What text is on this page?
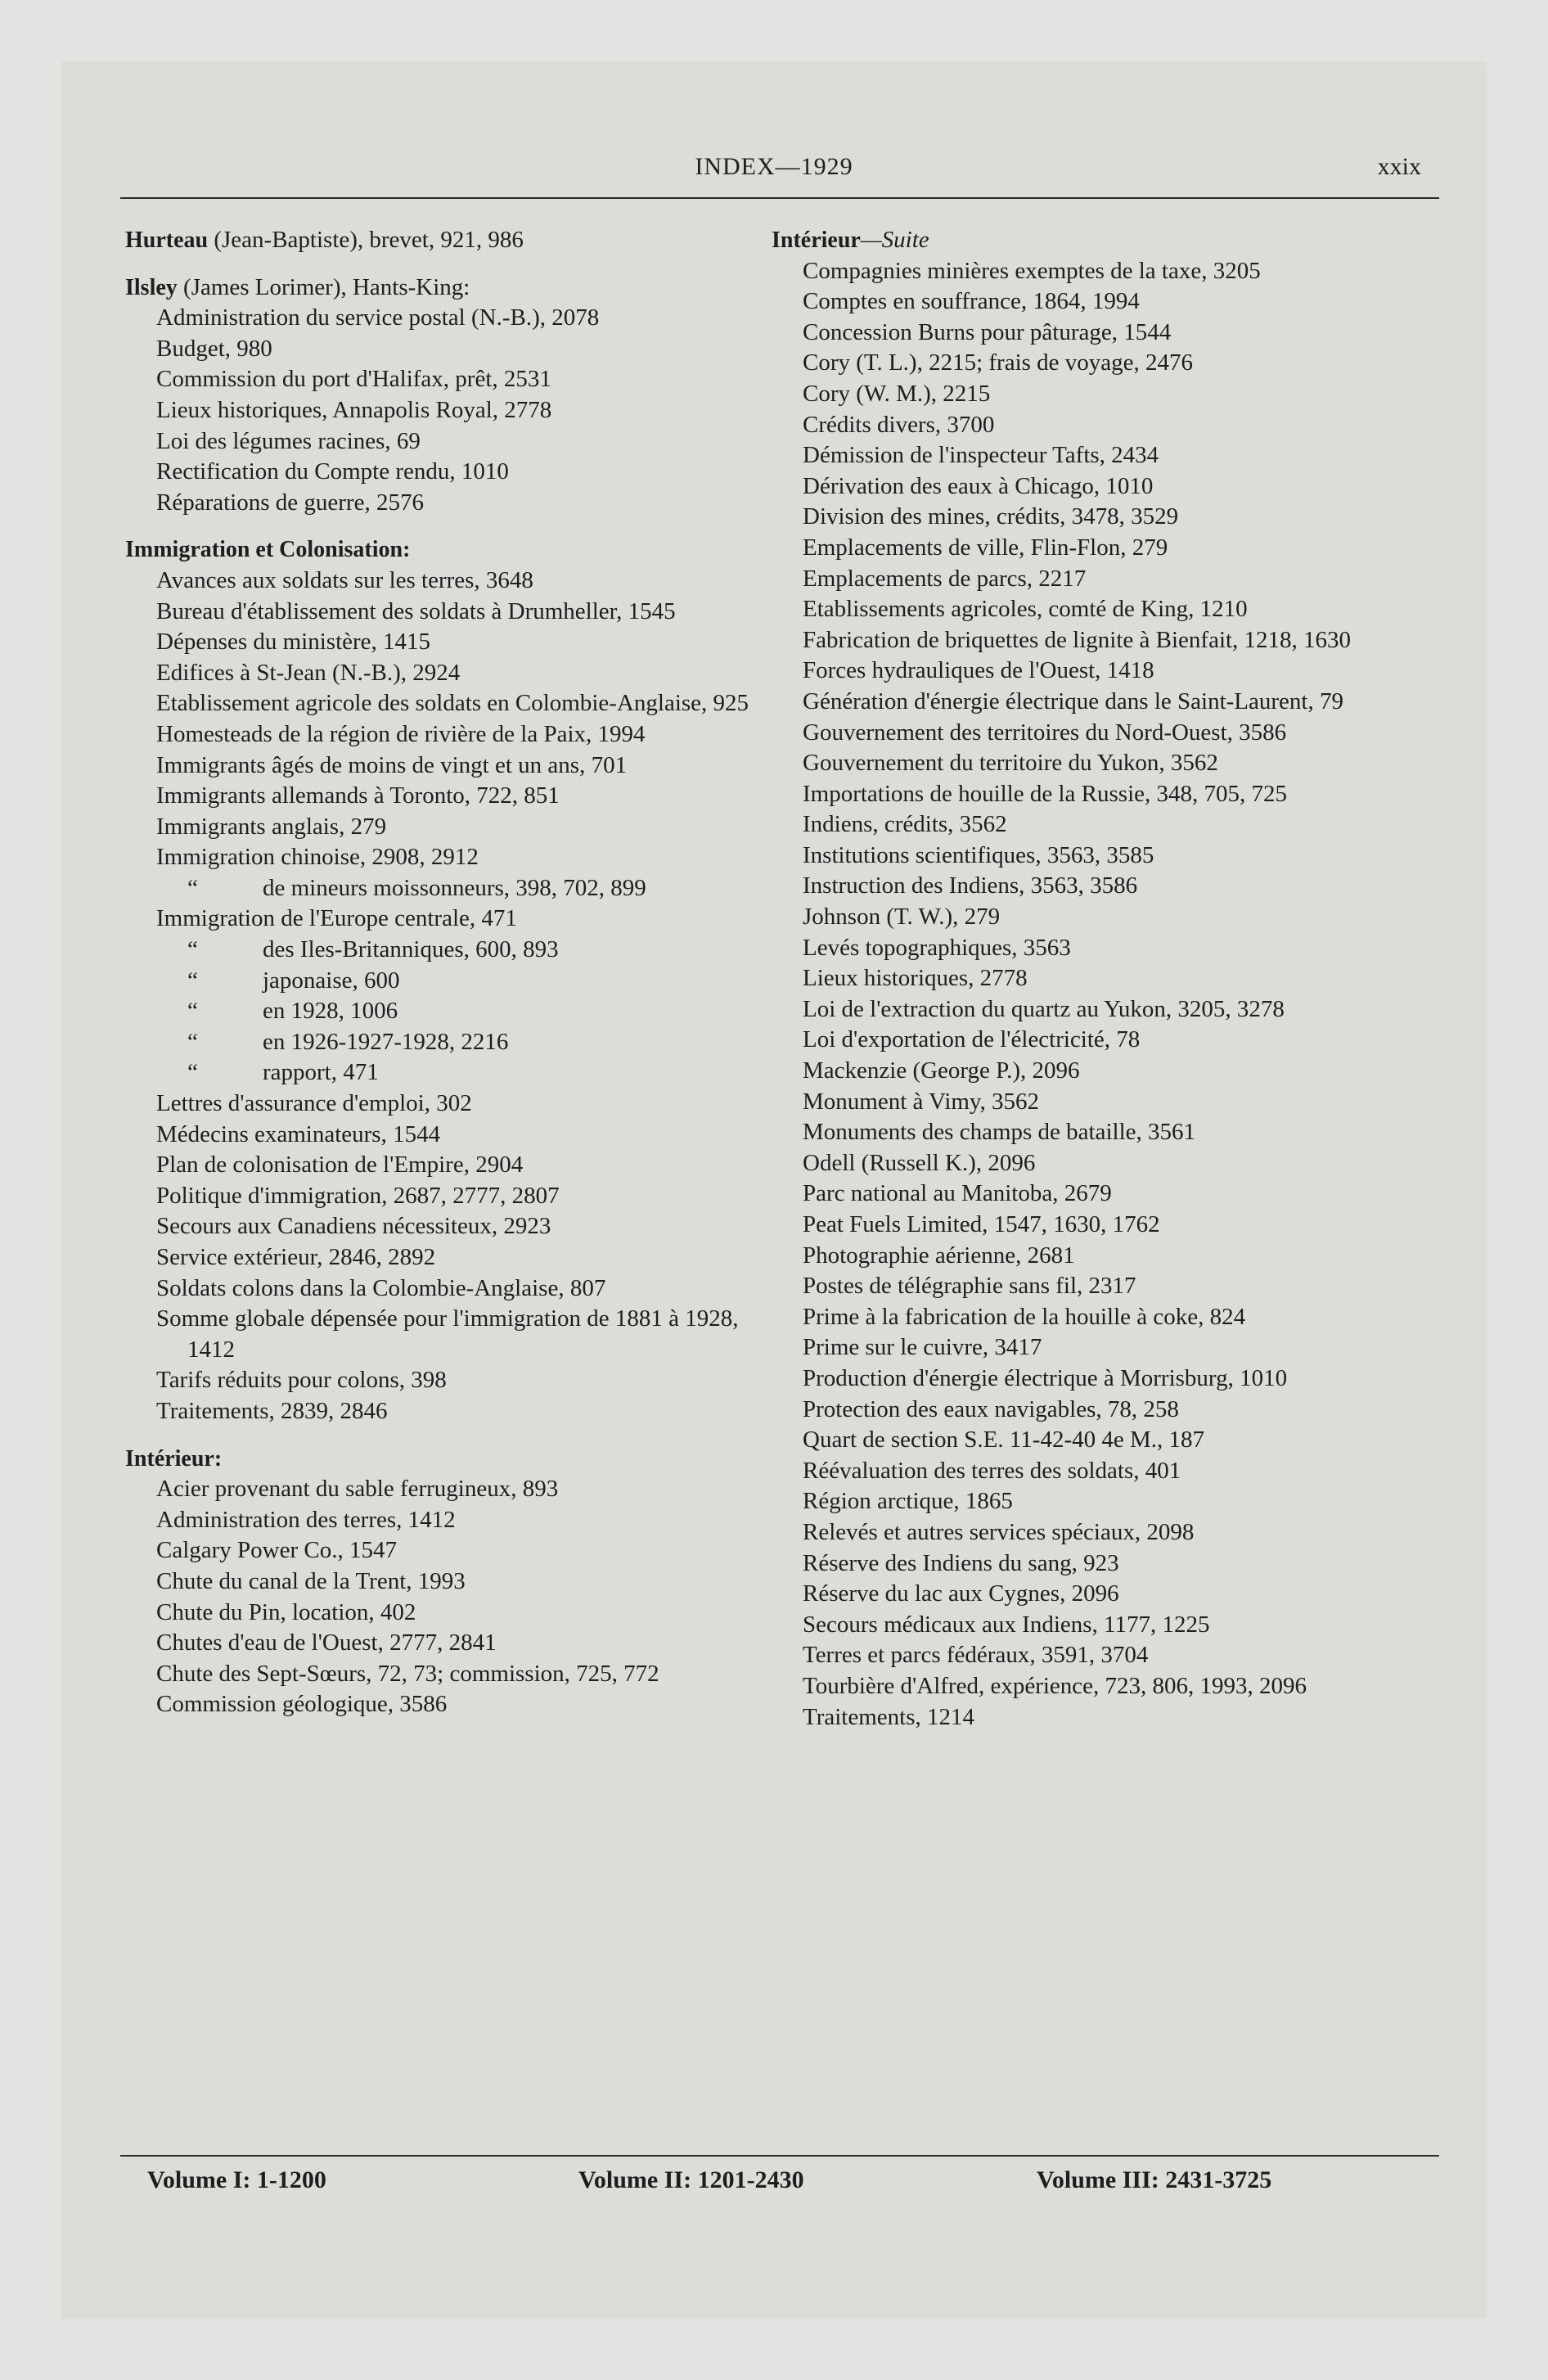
INDEX—1929	xxix
Hurteau (Jean-Baptiste), brevet, 921, 986
Ilsley (James Lorimer), Hants-King:
Administration du service postal (N.-B.), 2078
Budget, 980
Commission du port d'Halifax, prêt, 2531
Lieux historiques, Annapolis Royal, 2778
Loi des légumes racines, 69
Rectification du Compte rendu, 1010
Réparations de guerre, 2576
Immigration et Colonisation:
Avances aux soldats sur les terres, 3648
Bureau d'établissement des soldats à Drumheller, 1545
Dépenses du ministère, 1415
Edifices à St-Jean (N.-B.), 2924
Etablissement agricole des soldats en Colombie-Anglaise, 925
Homesteads de la région de rivière de la Paix, 1994
Immigrants âgés de moins de vingt et un ans, 701
Immigrants allemands à Toronto, 722, 851
Immigrants anglais, 279
Immigration chinoise, 2908, 2912
“	de mineurs moissonneurs, 398, 702, 899
Immigration de l'Europe centrale, 471
“	des Iles-Britanniques, 600, 893
“	japonaise, 600
“	en 1928, 1006
“	en 1926-1927-1928, 2216
“	rapport, 471
Lettres d'assurance d'emploi, 302
Médecins examinateurs, 1544
Plan de colonisation de l'Empire, 2904
Politique d'immigration, 2687, 2777, 2807
Secours aux Canadiens nécessiteux, 2923
Service extérieur, 2846, 2892
Soldats colons dans la Colombie-Anglaise, 807
Somme globale dépensée pour l'immigration de 1881 à 1928, 1412
Tarifs réduits pour colons, 398
Traitements, 2839, 2846
Intérieur:
Acier provenant du sable ferrugineux, 893
Administration des terres, 1412
Calgary Power Co., 1547
Chute du canal de la Trent, 1993
Chute du Pin, location, 402
Chutes d'eau de l'Ouest, 2777, 2841
Chute des Sept-Sœurs, 72, 73; commission, 725, 772
Commission géologique, 3586
Intérieur—Suite
Compagnies minières exemptes de la taxe, 3205
Comptes en souffrance, 1864, 1994
Concession Burns pour pâturage, 1544
Cory (T. L.), 2215; frais de voyage, 2476
Cory (W. M.), 2215
Crédits divers, 3700
Démission de l'inspecteur Tafts, 2434
Dérivation des eaux à Chicago, 1010
Division des mines, crédits, 3478, 3529
Emplacements de ville, Flin-Flon, 279
Emplacements de parcs, 2217
Etablissements agricoles, comté de King, 1210
Fabrication de briquettes de lignite à Bienfait, 1218, 1630
Forces hydrauliques de l'Ouest, 1418
Génération d'énergie électrique dans le Saint-Laurent, 79
Gouvernement des territoires du Nord-Ouest, 3586
Gouvernement du territoire du Yukon, 3562
Importations de houille de la Russie, 348, 705, 725
Indiens, crédits, 3562
Institutions scientifiques, 3563, 3585
Instruction des Indiens, 3563, 3586
Johnson (T. W.), 279
Levés topographiques, 3563
Lieux historiques, 2778
Loi de l'extraction du quartz au Yukon, 3205, 3278
Loi d'exportation de l'électricité, 78
Mackenzie (George P.), 2096
Monument à Vimy, 3562
Monuments des champs de bataille, 3561
Odell (Russell K.), 2096
Parc national au Manitoba, 2679
Peat Fuels Limited, 1547, 1630, 1762
Photographie aérienne, 2681
Postes de télégraphie sans fil, 2317
Prime à la fabrication de la houille à coke, 824
Prime sur le cuivre, 3417
Production d'énergie électrique à Morrisburg, 1010
Protection des eaux navigables, 78, 258
Quart de section S.E. 11-42-40 4e M., 187
Réévaluation des terres des soldats, 401
Région arctique, 1865
Relevés et autres services spéciaux, 2098
Réserve des Indiens du sang, 923
Réserve du lac aux Cygnes, 2096
Secours médicaux aux Indiens, 1177, 1225
Terres et parcs fédéraux, 3591, 3704
Tourbière d'Alfred, expérience, 723, 806, 1993, 2096
Traitements, 1214
Volume I: 1-1200	Volume II: 1201-2430	Volume III: 2431-3725
